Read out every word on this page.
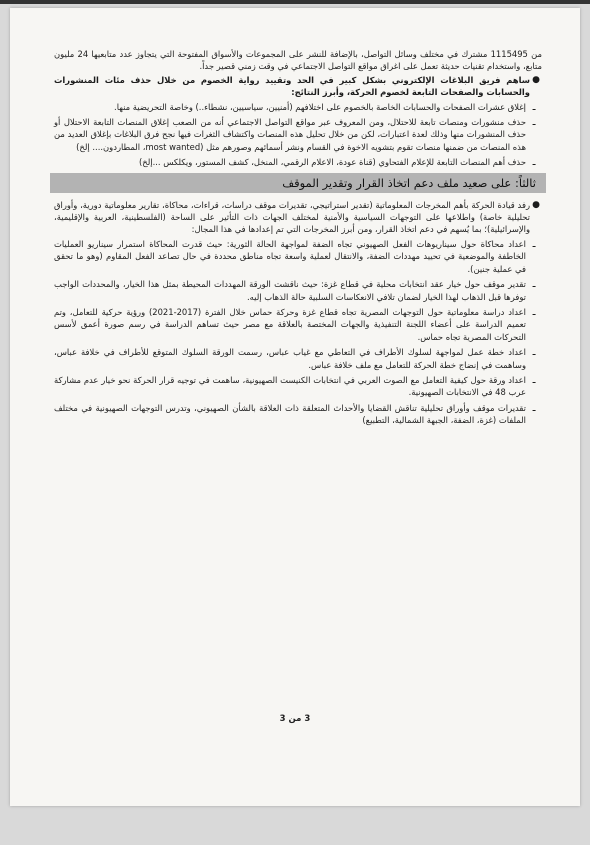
من 1115495 مشترك في مختلف وسائل التواصل، بالإضافة للنشر على المجموعات والأسواق المفتوحة التي يتجاوز عدد متابعيها 24 مليون متابع، واستخدام تقنيات حديثة تعمل على اغراق مواقع التواصل الاجتماعي في وقت زمني قصير جداً.

●
ساهم فريق البلاغات الإلكتروني بشكل كبير في الحد وتقييد رواية الخصوم من خلال حذف مئات المنشورات والحسابات والصفحات التابعة لخصوم الحركة، وأبرز النتائج:
ـ
إغلاق عشرات الصفحات والحسابات الخاصة بالخصوم على اختلافهم (أمنيين، سياسيين، نشطاء..) وخاصة التحريضية منها.
ـ
حذف منشورات ومنصات تابعة للاحتلال، ومن المعروف عبر مواقع التواصل الاجتماعي أنه من الصعب إغلاق المنصات التابعة الاحتلال أو حذف المنشورات منها وذلك لعدة اعتبارات، لكن من خلال تحليل هذه المنصات واكتشاف الثغرات فيها نجح فرق البلاغات بإغلاق العديد من هذه المنصات من ضمنها منصات تقوم بتشويه الاخوة في القسام ونشر أسمائهم وصورهم مثل (most wanted، المطاردون.... إلخ)
ـ
حذف أهم المنصات التابعة للإعلام الفتحاوي (قناة عودة، الاعلام الرقمي، المنخل، كشف المستور، ويكلكس ...إلخ)
ثالثاً: على صعيد ملف دعم اتخاذ القرار وتقدير الموقف
●
رفد قيادة الحركة بأهم المخرجات المعلوماتية (تقدير استراتيجي، تقديرات موقف دراسات، قراءات، محاكاة، تقارير معلوماتية دورية، وأوراق تحليلية خاصة) واطلاعها على التوجهات السياسية والأمنية لمختلف الجهات ذات التأثير على الساحة (الفلسطينية، العربية والإقليمية، والإسرائيلية)؛ بما يُسهم في دعم اتخاذ القرار، ومن أبرز المخرجات التي تم إعدادها في هذا المجال:
ـ
اعداد محاكاة حول سيناريوهات الفعل الصهيوني تجاه الضفة لمواجهة الحالة الثورية: حيث قدرت المحاكاة استمرار سيناريو العمليات الخاطفة والموضعية في تحييد مهددات الضفة، والانتقال لعملية واسعة تجاه مناطق محددة في حال تصاعد الفعل المقاوم (وهو ما تحقق في عملية جنين).
ـ
تقدير موقف حول خيار عقد انتخابات محلية في قطاع غزة: حيث ناقشت الورقة المهددات المحيطة بمثل هذا الخيار، والمحددات الواجب توفرها قبل الذهاب لهذا الخيار لضمان تلافي الانعكاسات السلبية حالة الذهاب إليه.
ـ
اعداد دراسة معلوماتية حول التوجهات المصرية تجاه قطاع غزة وحركة حماس خلال الفترة (2017-2021) ورؤية حركية للتعامل، وتم تعميم الدراسة على أعضاء اللجنة التنفيذية والجهات المختصة بالعلاقة مع مصر حيث تساهم الدراسة في رسم صورة أعمق لأسس التحركات المصرية تجاه حماس.
ـ
اعداد خطة عمل لمواجهة لسلوك الأطراف في التعاطي مع غياب عباس، رسمت الورقة السلوك المتوقع للأطراف في خلافة عباس، وساهمت في إنضاج خطة الحركة للتعامل مع ملف خلافة عباس.
ـ
اعداد ورقة حول كيفية التعامل مع الصوت العربي في انتخابات الكنيست الصهيونية، ساهمت في توجيه قرار الحركة نحو خيار عدم مشاركة عرب 48 في الانتخابات الصهيونية.
ـ
تقديرات موقف وأوراق تحليلية تناقش القضايا والأحداث المتعلقة ذات العلاقة بالشأن الصهيوني، وتدرس التوجهات الصهيونية في مختلف الملفات (غزة، الضفة، الجبهة الشمالية، التطبيع)
3 من 3
